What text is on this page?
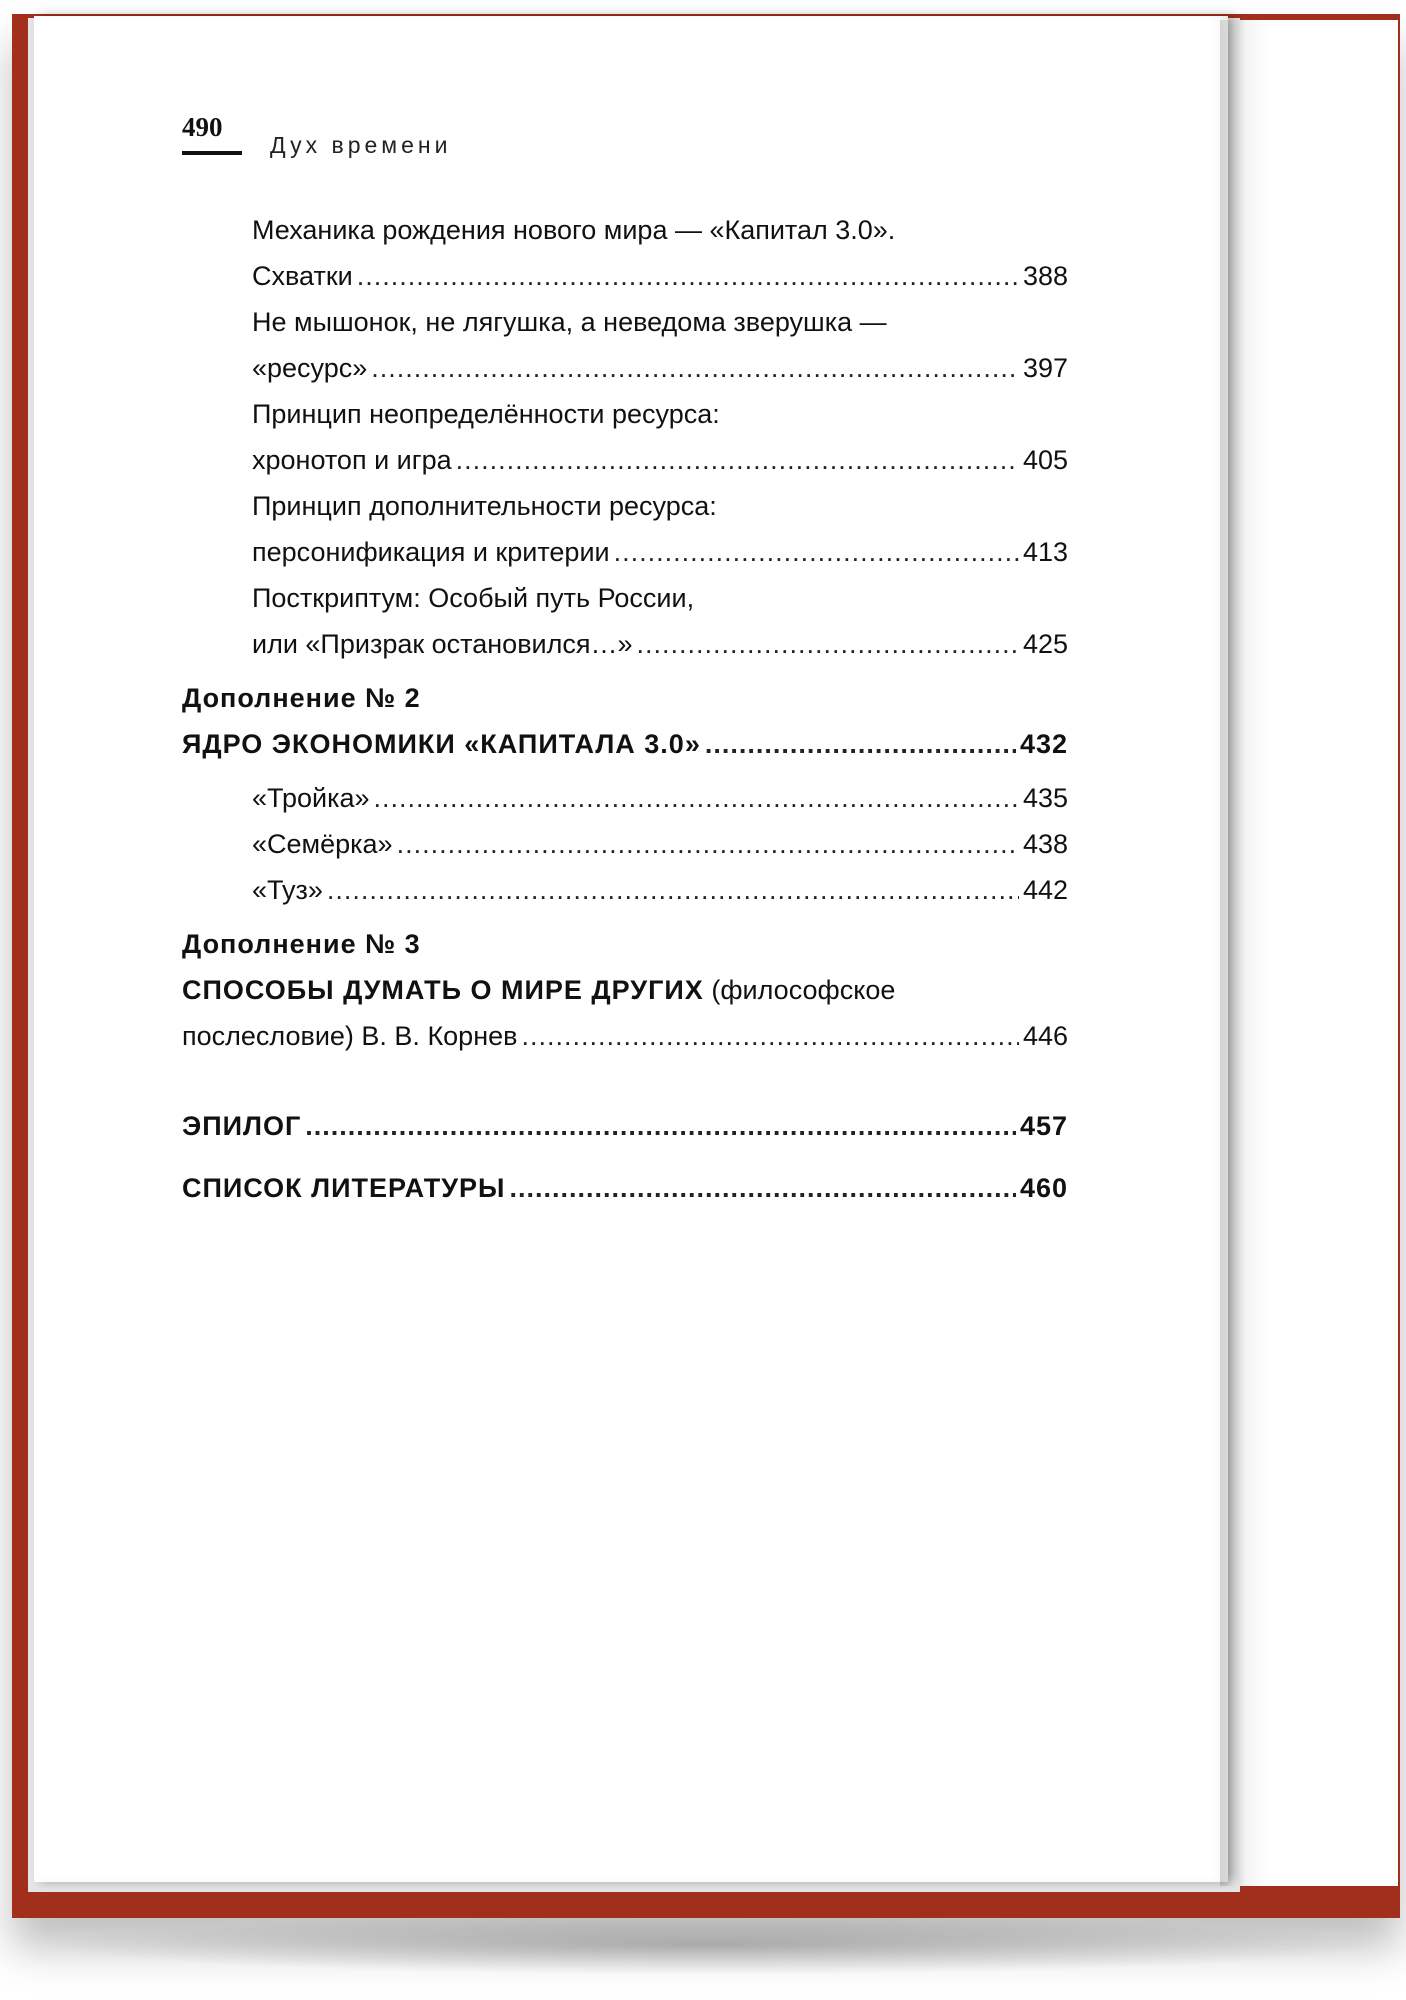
490
Дух времени
Механика рождения нового мира — «Капитал 3.0».
Схватки .....	388
Не мышонок, не лягушка, а неведома зверушка —
«ресурс» .....	397
Принцип неопределённости ресурса:
хронотоп и игра .....	405
Принцип дополнительности ресурса:
персонификация и критерии .....	413
Посткриптум: Особый путь России,
или «Призрак остановился…» .....	425
Дополнение № 2
ЯДРО ЭКОНОМИКИ «КАПИТАЛА 3.0» .....	432
«Тройка» .....	435
«Семёрка» .....	438
«Туз» .....	442
Дополнение № 3
СПОСОБЫ ДУМАТЬ О МИРЕ ДРУГИХ
(философское
послесловие) В. В. Корнев .....	446
ЭПИЛОГ .....	457
СПИСОК ЛИТЕРАТУРЫ .....	460
